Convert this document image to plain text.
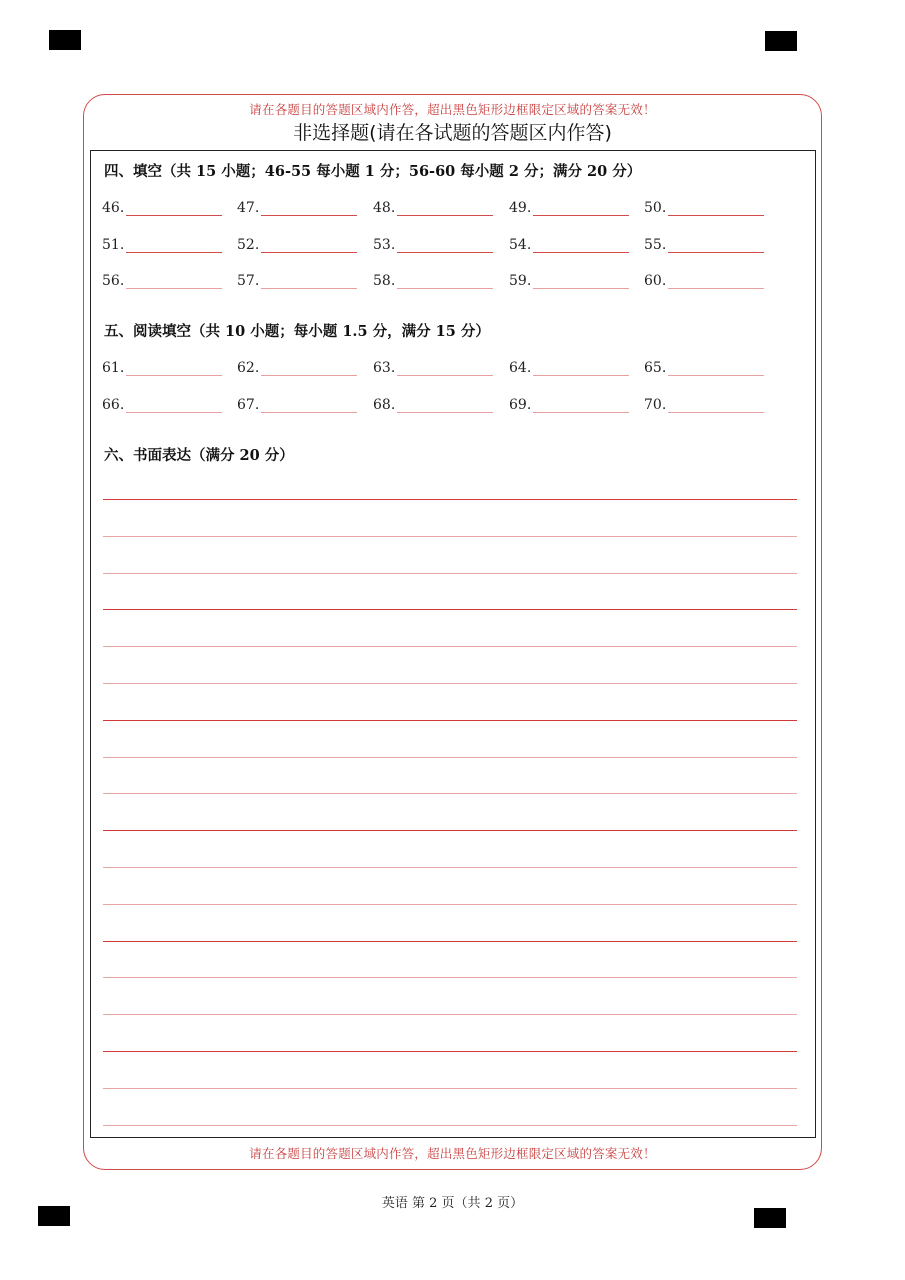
请在各题目的答题区域内作答，超出黑色矩形边框限定区域的答案无效！
非选择题(请在各试题的答题区内作答)
四、填空（共 15 小题；46-55 每小题 1 分；56-60 每小题 2 分；满分 20 分）
46.	47.	48.	49.	50.
51.	52.	53.	54.	55.
56.	57.	58.	59.	60.
五、阅读填空（共 10 小题；每小题 1.5 分，满分 15 分）
61.	62.	63.	64.	65.
66.	67.	68.	69.	70.
六、书面表达（满分 20 分）
请在各题目的答题区域内作答，超出黑色矩形边框限定区域的答案无效！
英语 第 2 页（共 2 页）
